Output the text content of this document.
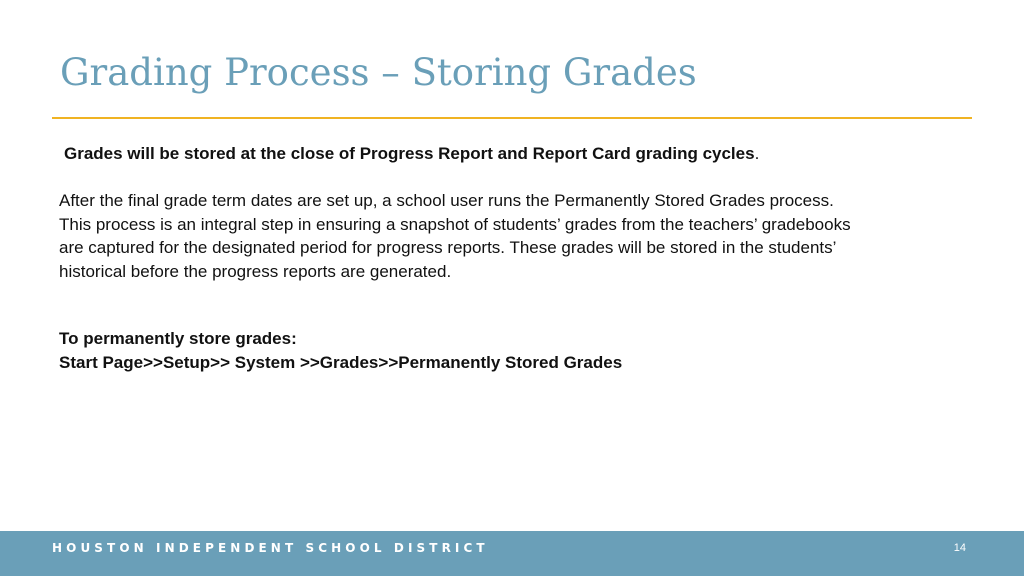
Grading Process – Storing Grades

Grades will be stored at the close of Progress Report and Report Card grading cycles.

After the final grade term dates are set up, a school user runs the Permanently Stored Grades process.
This process is an integral step in ensuring a snapshot of students’ grades from the teachers’ gradebooks
are captured for the designated period for progress reports. These grades will be stored in the students’
historical before the progress reports are generated.

To permanently store grades:
Start Page>>Setup>> System >>Grades>>Permanently Stored Grades

HOUSTON INDEPENDENT SCHOOL DISTRICT	14
